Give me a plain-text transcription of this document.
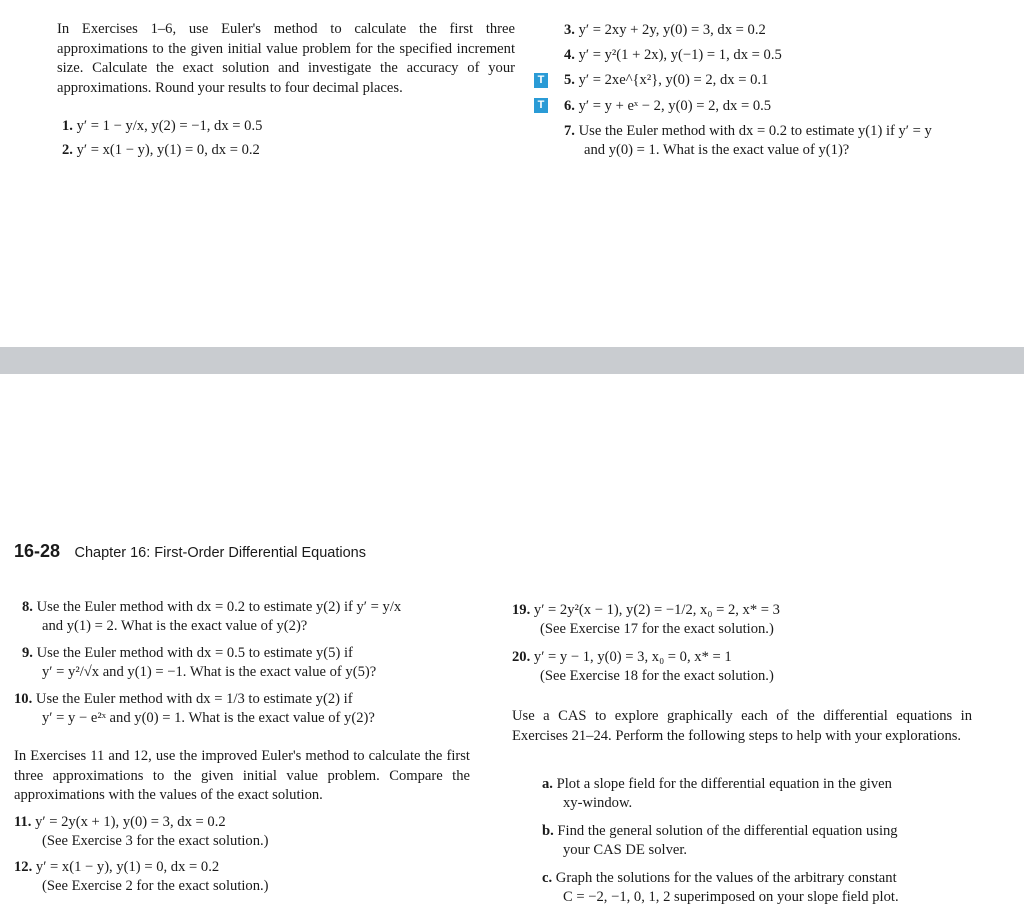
In Exercises 1–6, use Euler's method to calculate the first three approximations to the given initial value problem for the specified increment size. Calculate the exact solution and investigate the accuracy of your approximations. Round your results to four decimal places.
1. y′ = 1 − y/x, y(2) = −1, dx = 0.5
2. y′ = x(1 − y), y(1) = 0, dx = 0.2
3. y′ = 2xy + 2y, y(0) = 3, dx = 0.2
4. y′ = y²(1 + 2x), y(−1) = 1, dx = 0.5
T 5. y′ = 2xe^{x²}, y(0) = 2, dx = 0.1
T 6. y′ = y + eˣ − 2, y(0) = 2, dx = 0.5
7. Use the Euler method with dx = 0.2 to estimate y(1) if y′ = y
and y(0) = 1. What is the exact value of y(1)?
16-28 Chapter 16: First-Order Differential Equations
8. Use the Euler method with dx = 0.2 to estimate y(2) if y′ = y/x
and y(1) = 2. What is the exact value of y(2)?
9. Use the Euler method with dx = 0.5 to estimate y(5) if
y′ = y²/√x and y(1) = −1. What is the exact value of y(5)?
10. Use the Euler method with dx = 1/3 to estimate y(2) if
y′ = y − e²ˣ and y(0) = 1. What is the exact value of y(2)?
In Exercises 11 and 12, use the improved Euler's method to calculate the first three approximations to the given initial value problem. Compare the approximations with the values of the exact solution.
11. y′ = 2y(x + 1), y(0) = 3, dx = 0.2
(See Exercise 3 for the exact solution.)
12. y′ = x(1 − y), y(1) = 0, dx = 0.2
(See Exercise 2 for the exact solution.)
19. y′ = 2y²(x − 1), y(2) = −1/2, x₀ = 2, x* = 3
(See Exercise 17 for the exact solution.)
20. y′ = y − 1, y(0) = 3, x₀ = 0, x* = 1
(See Exercise 18 for the exact solution.)
Use a CAS to explore graphically each of the differential equations in Exercises 21–24. Perform the following steps to help with your explorations.
a. Plot a slope field for the differential equation in the given
xy-window.
b. Find the general solution of the differential equation using
your CAS DE solver.
c. Graph the solutions for the values of the arbitrary constant
C = −2, −1, 0, 1, 2 superimposed on your slope field plot.
